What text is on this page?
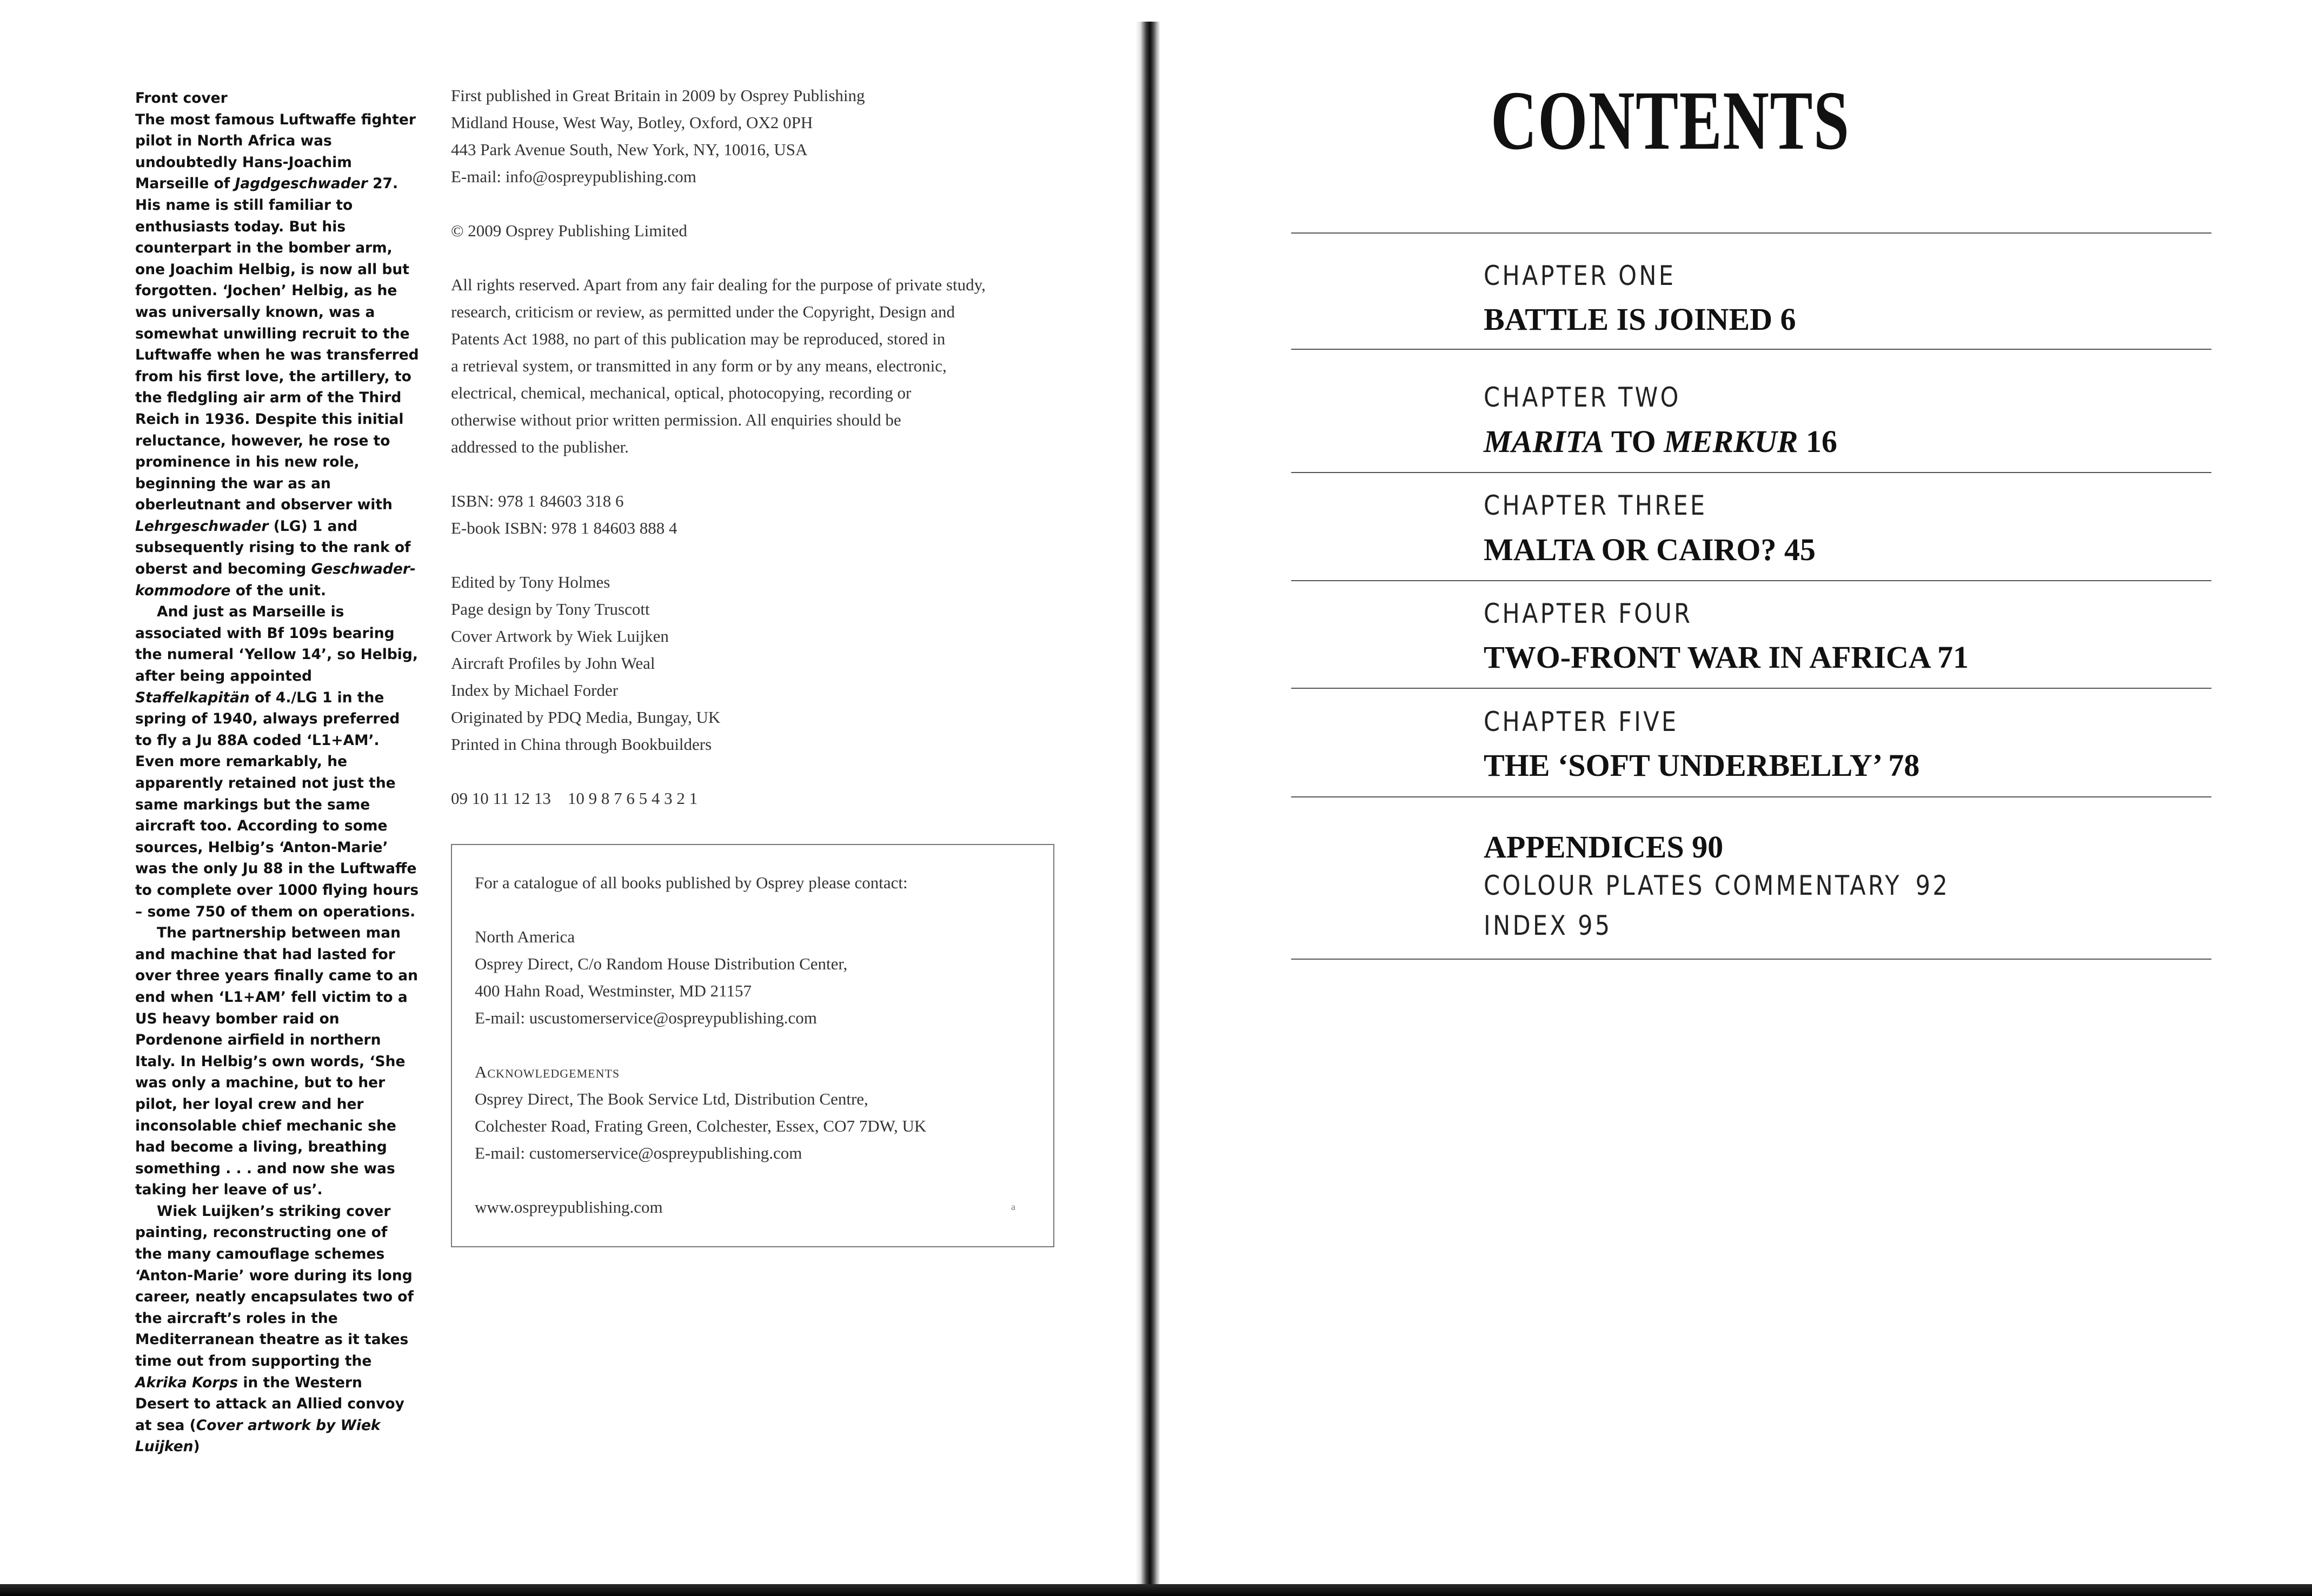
Front cover

The most famous Luftwaffe fighter pilot in North Africa was undoubtedly Hans-Joachim Marseille of Jagdgeschwader 27. His name is still familiar to enthusiasts today. But his counterpart in the bomber arm, one Joachim Helbig, is now all but forgotten. ‘Jochen’ Helbig, as he was universally known, was a somewhat unwilling recruit to the Luftwaffe when he was transferred from his first love, the artillery, to the fledgling air arm of the Third Reich in 1936. Despite this initial reluctance, however, he rose to prominence in his new role, beginning the war as an oberleutnant and observer with Lehrgeschwader (LG) 1 and subsequently rising to the rank of oberst and becoming Geschwader-kommodore of the unit.

And just as Marseille is associated with Bf 109s bearing the numeral ‘Yellow 14’, so Helbig, after being appointed Staffelkapitän of 4./LG 1 in the spring of 1940, always preferred to fly a Ju 88A coded ‘L1+AM’. Even more remarkably, he apparently retained not just the same markings but the same aircraft too. According to some sources, Helbig’s ‘Anton-Marie’ was the only Ju 88 in the Luftwaffe to complete over 1000 flying hours – some 750 of them on operations.

The partnership between man and machine that had lasted for over three years finally came to an end when ‘L1+AM’ fell victim to a US heavy bomber raid on Pordenone airfield in northern Italy. In Helbig’s own words, ‘She was only a machine, but to her pilot, her loyal crew and her inconsolable chief mechanic she had become a living, breathing something . . . and now she was taking her leave of us’.

Wiek Luijken’s striking cover painting, reconstructing one of the many camouflage schemes ‘Anton-Marie’ wore during its long career, neatly encapsulates two of the aircraft’s roles in the Mediterranean theatre as it takes time out from supporting the Akrika Korps in the Western Desert to attack an Allied convoy at sea (Cover artwork by Wiek Luijken)

First published in Great Britain in 2009 by Osprey Publishing
Midland House, West Way, Botley, Oxford, OX2 0PH
443 Park Avenue South, New York, NY, 10016, USA
E-mail: info@ospreypublishing.com

© 2009 Osprey Publishing Limited

All rights reserved. Apart from any fair dealing for the purpose of private study,
research, criticism or review, as permitted under the Copyright, Design and
Patents Act 1988, no part of this publication may be reproduced, stored in
a retrieval system, or transmitted in any form or by any means, electronic,
electrical, chemical, mechanical, optical, photocopying, recording or
otherwise without prior written permission. All enquiries should be
addressed to the publisher.

ISBN: 978 1 84603 318 6

E-book ISBN: 978 1 84603 888 4

Edited by Tony Holmes
Page design by Tony Truscott
Cover Artwork by Wiek Luijken
Aircraft Profiles by John Weal
Index by Michael Forder
Originated by PDQ Media, Bungay, UK
Printed in China through Bookbuilders

09 10 11 12 13    10 9 8 7 6 5 4 3 2 1

For a catalogue of all books published by Osprey please contact:

North America

Osprey Direct, C/o Random House Distribution Center,
400 Hahn Road, Westminster, MD 21157
E-mail: uscustomerservice@ospreypublishing.com

Acknowledgements

Osprey Direct, The Book Service Ltd, Distribution Centre,
Colchester Road, Frating Green, Colchester, Essex, CO7 7DW, UK
E-mail: customerservice@ospreypublishing.com

www.ospreypublishing.com	a
CONTENTS
CHAPTER ONE
BATTLE IS JOINED 6
CHAPTER TWO
MARITA TO MERKUR 16
CHAPTER THREE
MALTA OR CAIRO? 45
CHAPTER FOUR
TWO-FRONT WAR IN AFRICA 71
CHAPTER FIVE
THE ‘SOFT UNDERBELLY’ 78
APPENDICES 90
COLOUR PLATES COMMENTARY 92
INDEX 95
